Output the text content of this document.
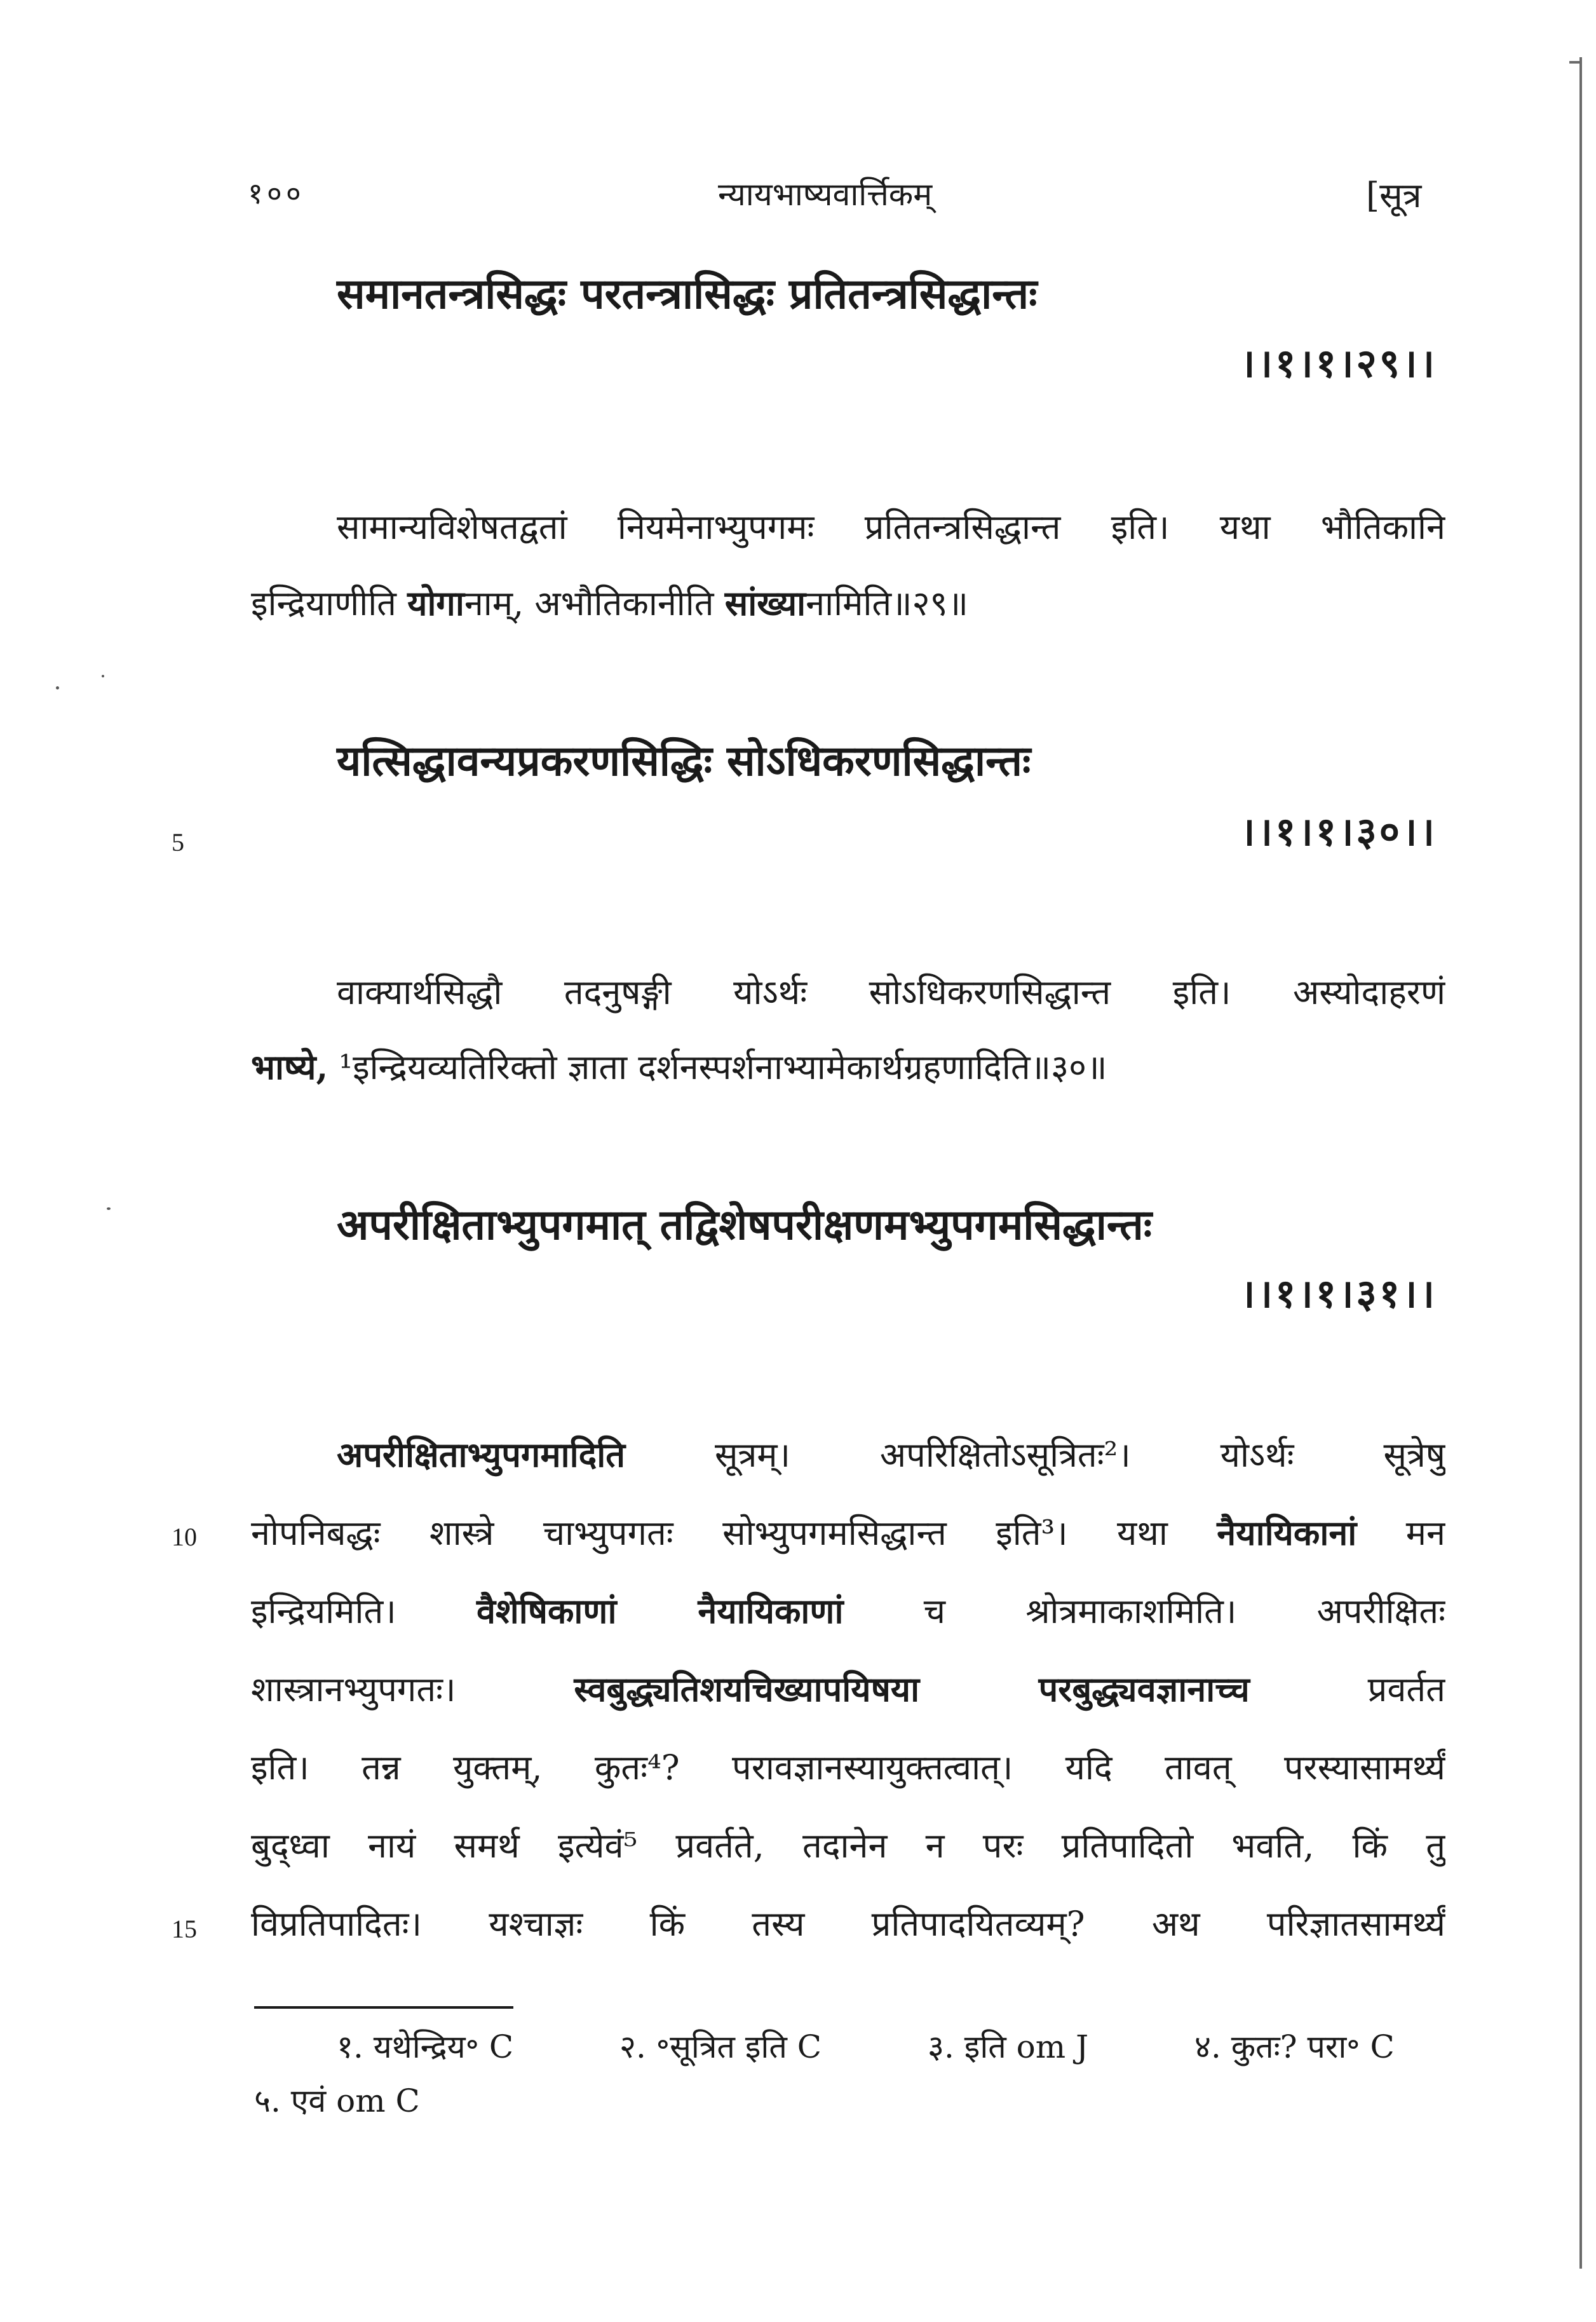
१००	न्यायभाष्यवार्त्तिकम्	[सूत्र
समानतन्त्रसिद्धः परतन्त्रासिद्धः प्रतितन्त्रसिद्धान्तः
।।१।१।२९।।
सामान्यविशेषतद्वतां नियमेनाभ्युपगमः प्रतितन्त्रसिद्धान्त इति। यथा भौतिकानि
इन्द्रियाणीति योगानाम्, अभौतिकानीति सांख्यानामिति॥२९॥
यत्सिद्धावन्यप्रकरणसिद्धिः सोऽधिकरणसिद्धान्तः
।।१।१।३०।।
5
वाक्यार्थसिद्धौ तदनुषङ्गी योऽर्थः सोऽधिकरणसिद्धान्त इति। अस्योदाहरणं
भाष्ये, ¹इन्द्रियव्यतिरिक्तो ज्ञाता दर्शनस्पर्शनाभ्यामेकार्थग्रहणादिति॥३०॥
अपरीक्षिताभ्युपगमात् तद्विशेषपरीक्षणमभ्युपगमसिद्धान्तः
।।१।१।३१।।
अपरीक्षिताभ्युपगमादिति सूत्रम्। अपरिक्षितोऽसूत्रितः²। योऽर्थः सूत्रेषु
नोपनिबद्धः शास्त्रे चाभ्युपगतः सोभ्युपगमसिद्धान्त इति³। यथा नैयायिकानां मन
10
इन्द्रियमिति। वैशेषिकाणां नैयायिकाणां च श्रोत्रमाकाशमिति। अपरीक्षितः
शास्त्रानभ्युपगतः। स्वबुद्ध्यतिशयचिख्यापयिषया परबुद्ध्यवज्ञानाच्च प्रवर्तत
इति। तन्न युक्तम्, कुतः⁴? परावज्ञानस्यायुक्तत्वात्। यदि तावत् परस्यासामर्थ्यं
बुद्ध्वा नायं समर्थ इत्येवं⁵ प्रवर्तते, तदानेन न परः प्रतिपादितो भवति, किं तु
विप्रतिपादितः। यश्चाज्ञः किं तस्य प्रतिपादयितव्यम्? अथ परिज्ञातसामर्थ्यं
15
१. यथेन्द्रिय॰ C	२. ॰सूत्रित इति C	३. इति om J	४. कुतः? परा॰ C
५. एवं om C
